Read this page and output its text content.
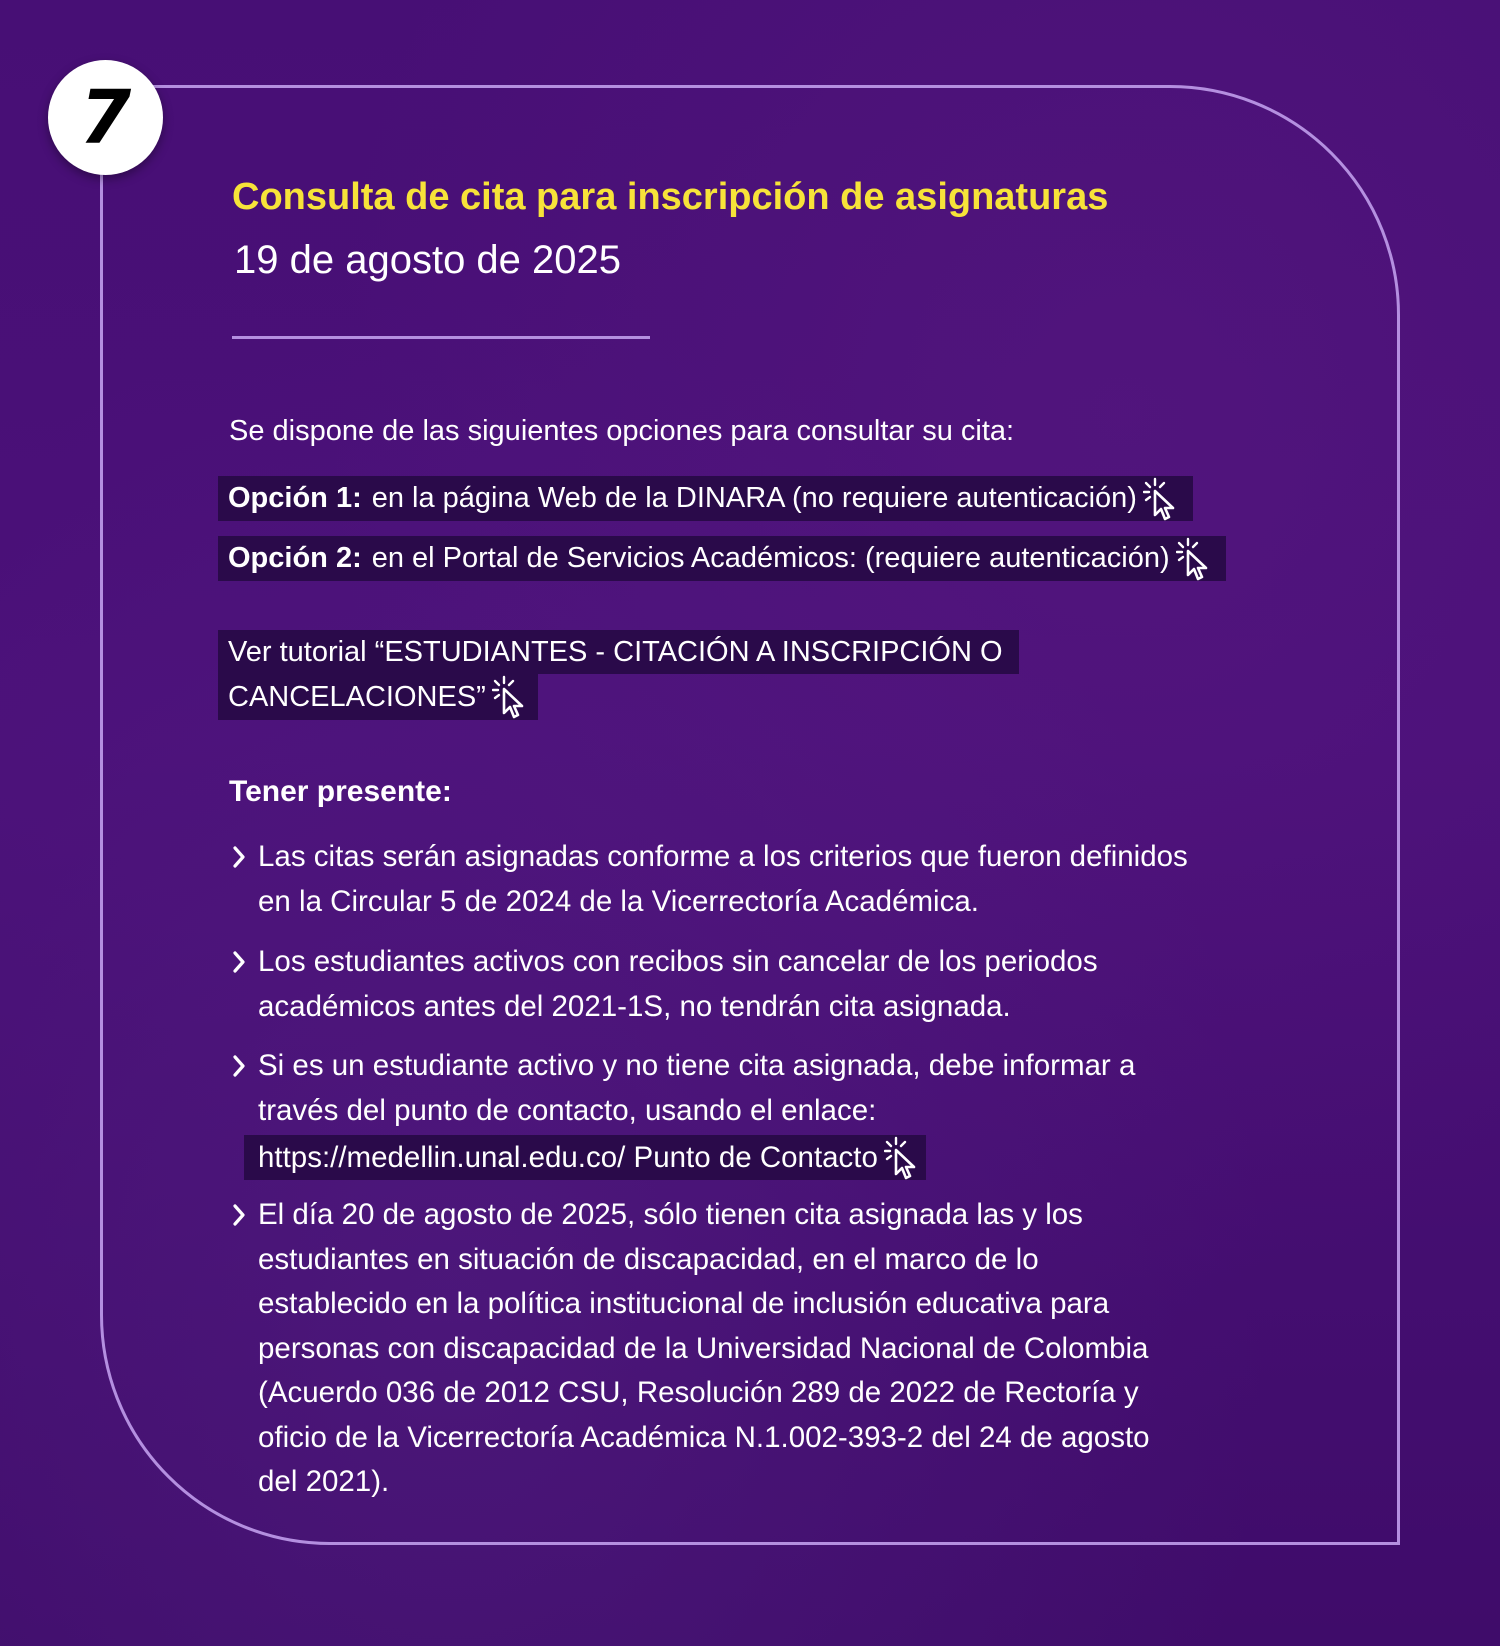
7
Consulta de cita para inscripción de asignaturas
19 de agosto de 2025
Se dispone de las siguientes opciones para consultar su cita:
Opción 1: en la página Web de la DINARA (no requiere autenticación)
Opción 2: en el Portal de Servicios Académicos: (requiere autenticación)
Ver tutorial “ESTUDIANTES - CITACIÓN A INSCRIPCIÓN O
CANCELACIONES”
Tener presente:
Las citas serán asignadas conforme a los criterios que fueron definidos
en la Circular 5 de 2024 de la Vicerrectoría Académica.
Los estudiantes activos con recibos sin cancelar de los periodos
académicos antes del 2021-1S, no tendrán cita asignada.
Si es un estudiante activo y no tiene cita asignada, debe informar a
través del punto de contacto, usando el enlace:
https://medellin.unal.edu.co/ Punto de Contacto
El día 20 de agosto de 2025, sólo tienen cita asignada las y los
estudiantes en situación de discapacidad, en el marco de lo
establecido en la política institucional de inclusión educativa para
personas con discapacidad de la Universidad Nacional de Colombia
(Acuerdo 036 de 2012 CSU, Resolución 289 de 2022 de Rectoría y
oficio de la Vicerrectoría Académica N.1.002-393-2 del 24 de agosto
del 2021).
